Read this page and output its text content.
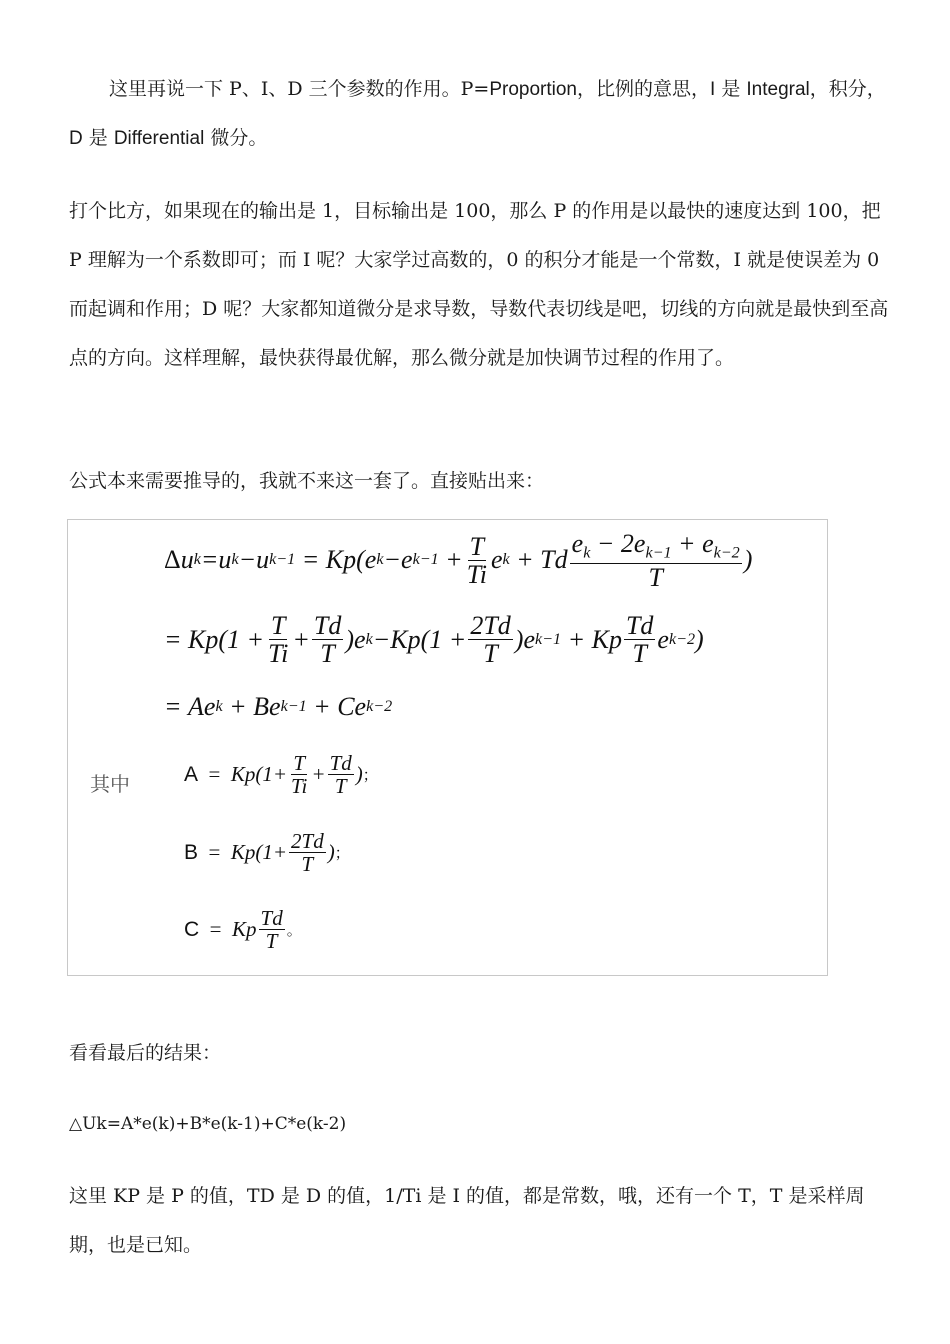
这里再说一下 P、I、D 三个参数的作用。P=Proportion，比例的意思，I 是 Integral，积分，D 是 Differential 微分。

打个比方，如果现在的输出是 1，目标输出是 100，那么 P 的作用是以最快的速度达到 100，把 P 理解为一个系数即可；而 I 呢？大家学过高数的，0 的积分才能是一个常数，I 就是使误差为 0 而起调和作用；D 呢？大家都知道微分是求导数，导数代表切线是吧，切线的方向就是最快到至高点的方向。这样理解，最快获得最优解，那么微分就是加快调节过程的作用了。

公式本来需要推导的，我就不来这一套了。直接贴出来：

Δ u k =u k −u k−1 = Kp(e k −e $k-1 + \frac{T}{Ti}$ e k + Td $\frac{e_k - 2e_{k-1} + e_{k-2}}{T}$ )
= $Kp(1 + \frac{T}{Ti} + \frac{Td}{T} )e$ $k -Kp(1 + \frac{2Td}{T} )e$ k−1 + Kp $\frac{Td}{T}$ e k−2 )
= Ae k + Be k−1 + Ce k−2
其中	A
= $Kp(1+ \frac{T}{Ti} + \frac{Td}{T}$ ) ；
B
= $Kp(1+ \frac{2Td}{T}$ ) ；
C
= Kp $\frac{Td}{T}$ 。

看看最后的结果：

△Uk=A*e(k)+B*e(k-1)+C*e(k-2)

这里 KP 是 P 的值，TD 是 D 的值，1/Ti 是 I 的值，都是常数，哦，还有一个 T，T 是采样周期，也是已知。
